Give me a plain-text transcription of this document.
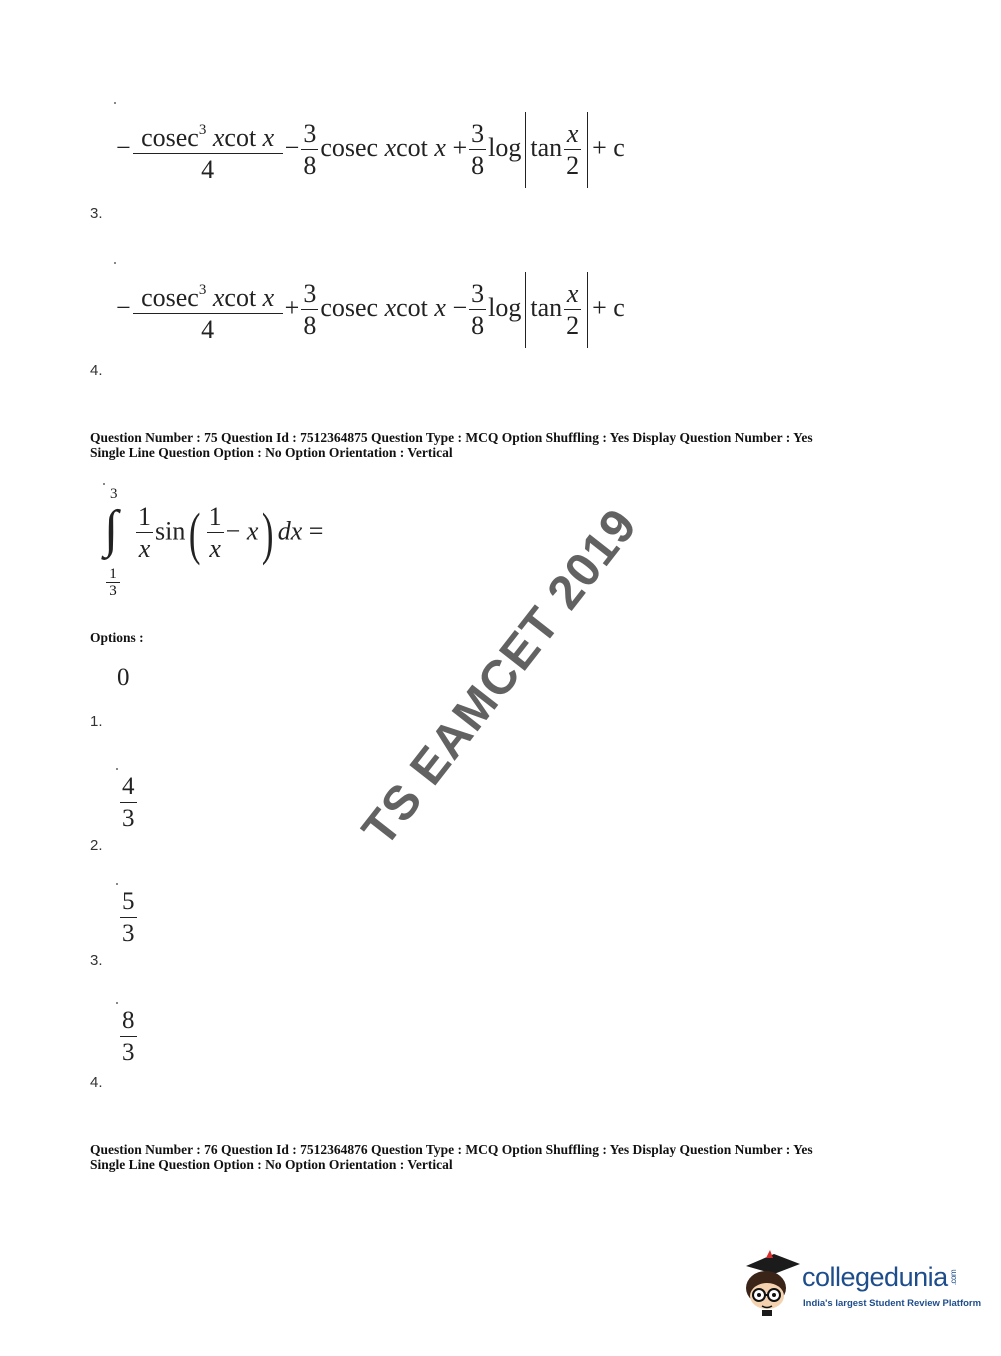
− $\frac{cosec^3 xcot x}{4} - \frac{3}{8}$ cosec xcot $x + \frac{3}{8}$ $\log \tan \frac{x}{2} + c$
3.
− $\frac{cosec^3 xcot x}{4} + \frac{3}{8}$ cosec xcot $x - \frac{3}{8}$ $\log \tan \frac{x}{2} + c$
4.
Question Number : 75 Question Id : 7512364875 Question Type : MCQ Option Shuffling : Yes Display Question Number : Yes
Single Line Question Option : No Option Orientation : Vertical
3
∫
1
3
$\frac{1}{x} \sin( \frac{1}{x} - x)$ dx =
Options :
0
1.
$\frac{4}{3}$
2.
$\frac{5}{3}$
3.
$\frac{8}{3}$
4.
Question Number : 76 Question Id : 7512364876 Question Type : MCQ Option Shuffling : Yes Display Question Number : Yes
Single Line Question Option : No Option Orientation : Vertical
TS EAMCET 2019
collegedunia.com
India's largest Student Review Platform
